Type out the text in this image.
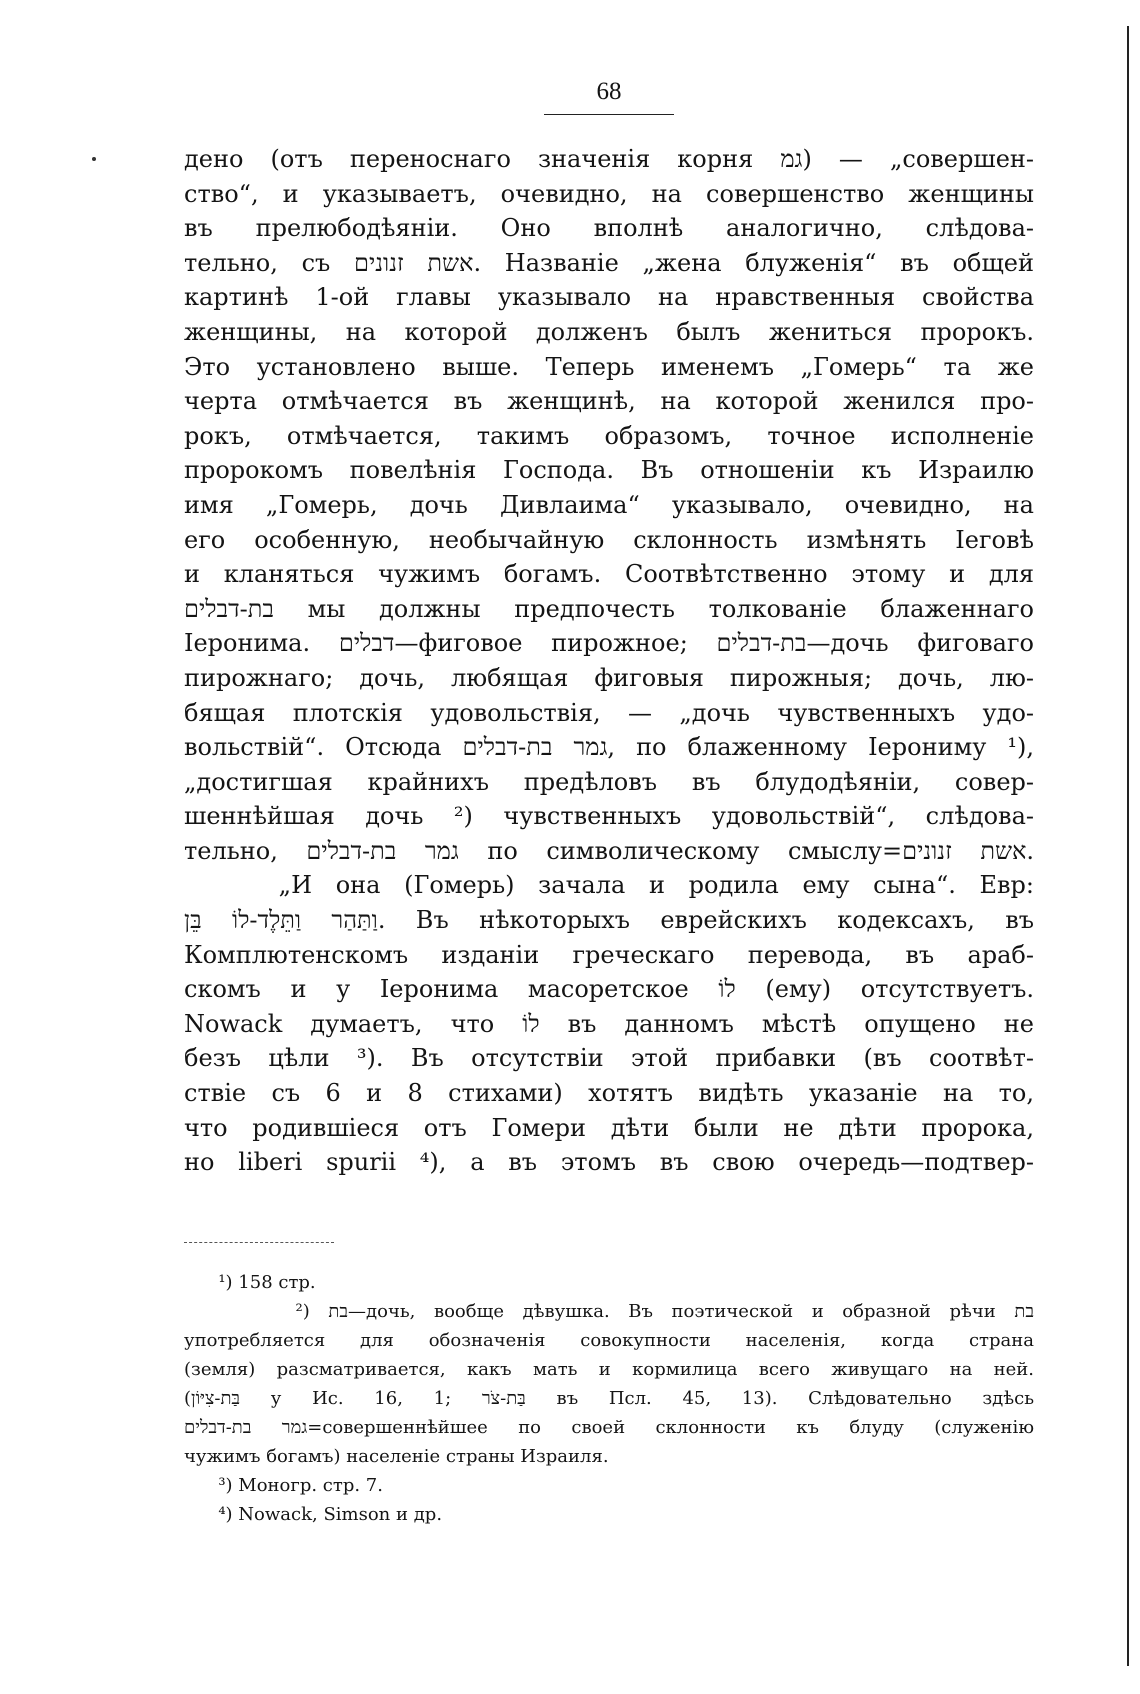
68
дено (отъ переноснаго значенія корня גמ) — „совершен-
ство“, и указываетъ, очевидно, на совершенство женщины
въ прелюбодѣяніи. Оно вполнѣ аналогично, слѣдова-
тельно, съ אשת זנונים. Названіе „жена блуженія“ въ общей
картинѣ 1-ой главы указывало на нравственныя свойства
женщины, на которой долженъ былъ жениться пророкъ.
Это установлено выше. Теперь именемъ „Гомерь“ та же
черта отмѣчается въ женщинѣ, на которой женился про-
рокъ, отмѣчается, такимъ образомъ, точное исполненіе
пророкомъ повелѣнія Господа. Въ отношеніи къ Израилю
имя „Гомерь, дочь Дивлаима“ указывало, очевидно, на
его особенную, необычайную склонность измѣнять Іеговѣ
и кланяться чужимъ богамъ. Соотвѣтственно этому и для
בת-דבלים мы должны предпочесть толкованіе блаженнаго
Іеронима. דבלים—фиговое пирожное; בת-דבלים—дочь фиговаго
пирожнаго; дочь, любящая фиговыя пирожныя; дочь, лю-
бящая плотскія удовольствія, — „дочь чувственныхъ удо-
вольствій“. Отсюда גמר בת-דבלים, по блаженному Іерониму ¹),
„достигшая крайнихъ предѣловъ въ блудодѣяніи, совер-
шеннѣйшая дочь ²) чувственныхъ удовольствій“, слѣдова-
тельно, גמר בת-דבלים по символическому смыслу=אשת זנונים.
„И она (Гомерь) зачала и родила ему сына“. Евр:
וַתַּהַר וַתֵּלֶד-לוֹ בֵּן. Въ нѣкоторыхъ еврейскихъ кодексахъ, въ
Комплютенскомъ изданіи греческаго перевода, въ араб-
скомъ и у Іеронима масоретское לוֹ (ему) отсутствуетъ.
Nowack думаетъ, что לוֹ въ данномъ мѣстѣ опущено не
безъ цѣли ³). Въ отсутствіи этой прибавки (въ соотвѣт-
ствіе съ 6 и 8 стихами) хотятъ видѣть указаніе на то,
что родившіеся отъ Гомери дѣти были не дѣти пророка,
но liberi spurii ⁴), а въ этомъ въ свою очередь—подтвер-
¹) 158 стр.
²) בת—дочь, вообще дѣвушка. Въ поэтической и образной рѣчи בת
употребляется для обозначенія совокупности населенія, когда страна
(земля) разсматривается, какъ мать и кормилица всего живущаго на ней.
(בַּת-צִיּוֹן у Ис. 16, 1; בַּת-צֹר въ Псл. 45, 13). Слѣдовательно здѣсь
גמר בת-דבלים=совершеннѣйшее по своей склонности къ блуду (служенію
чужимъ богамъ) населеніе страны Израиля.
³) Моногр. стр. 7.
⁴) Nowack, Simson и др.
